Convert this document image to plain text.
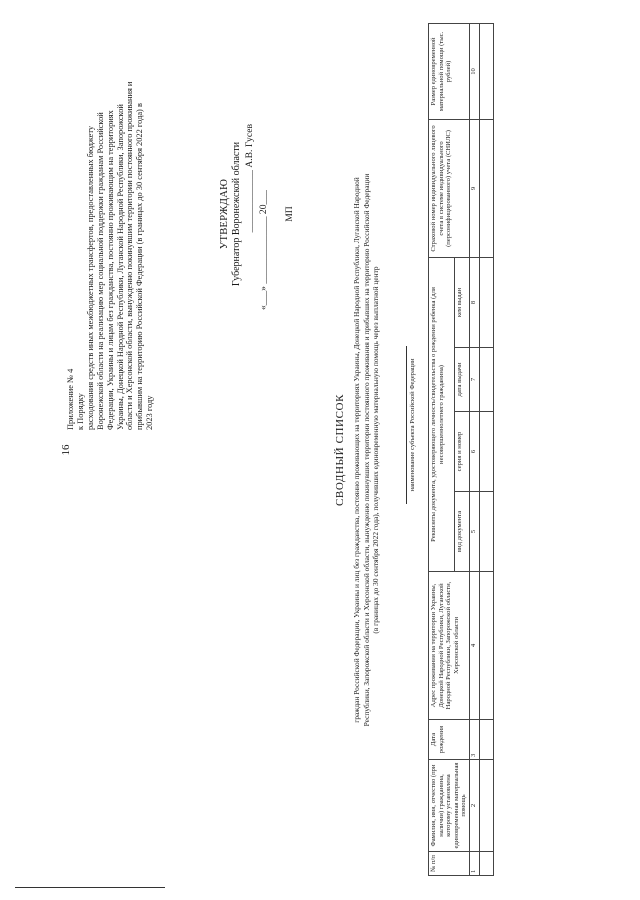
16
Приложение № 4 к Порядку расходования средств иных межбюджетных трансфертов, предоставленных бюджету Воронежской области на реализацию мер социальной поддержки гражданам Российской Федерации, Украины и лицам без гражданства, постоянно проживающим на территориях Украины, Донецкой Народной Республики, Луганской Народной Республики, Запорожской области и Херсонской области, вынужденно покинувшим территории постоянного проживания и прибывшим на территорию Российской Федерации (в границах до 30 сентября 2022 года) в 2023 году
УТВЕРЖДАЮ Губернатор Воронежской области _____________ А.В. Гусев
«___» ______________ 20___ МП
СВОДНЫЙ СПИСОК граждан Российской Федерации, Украины и лиц без гражданства, постоянно проживающих на территориях Украины, Донецкой Народной Республики, Луганской Народной Республики, Запорожской области и Херсонской области, вынужденно покинувших территории постоянного проживания и прибывших на территорию Российской Федерации (в границах до 30 сентября 2022 года), получивших единовременную материальную помощь через выплатной центр	наименование субъекта Российской Федерации
№ п/п	Фамилия, имя, отчество (при наличии) гражданина, которому установлена единовременная материальная помощь	Дата рождения	Адрес проживания на территории Украины, Донецкой Народной Республики, Луганской Народной Республики, Запорожской области, Херсонской области	Реквизиты документа, удостоверяющего личность/свидетельства о рождении ребенка (для несовершеннолетнего гражданина)				Страховой номер индивидуального лицевого счета в системе индивидуального (персонифицированного) учета (СНИЛС)	Размер единовременной материальной помощи (тыс. рублей)
				вид документа	серия и номер	дата выдачи	кем выдан		
1	2	3	4	5	6	7	8	9	10
